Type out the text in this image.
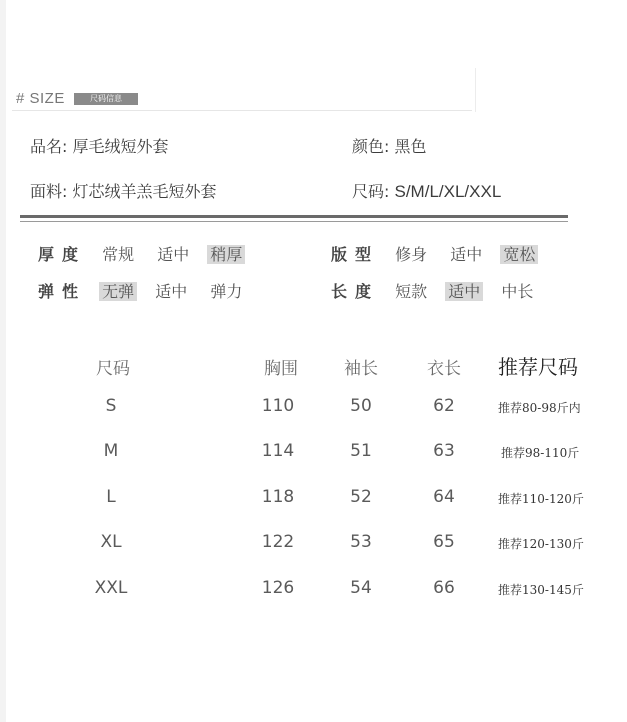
# SIZE	尺码信息
品名: 厚毛绒短外套	颜色: 黑色
面料: 灯芯绒羊羔毛短外套	尺码: S/M/L/XL/XXL
厚度 常规 适中 稍厚	版型 修身 适中 宽松
弹性 无弹 适中 弹力	长度 短款 适中 中长
尺码	胸围	袖长	衣长 推荐尺码
S	110	50	62	推荐80-98斤内
M	114	51	63	推荐98-110斤
L	118	52	64	推荐110-120斤
XL	122	53	65	推荐120-130斤
XXL	126	54	66	推荐130-145斤
